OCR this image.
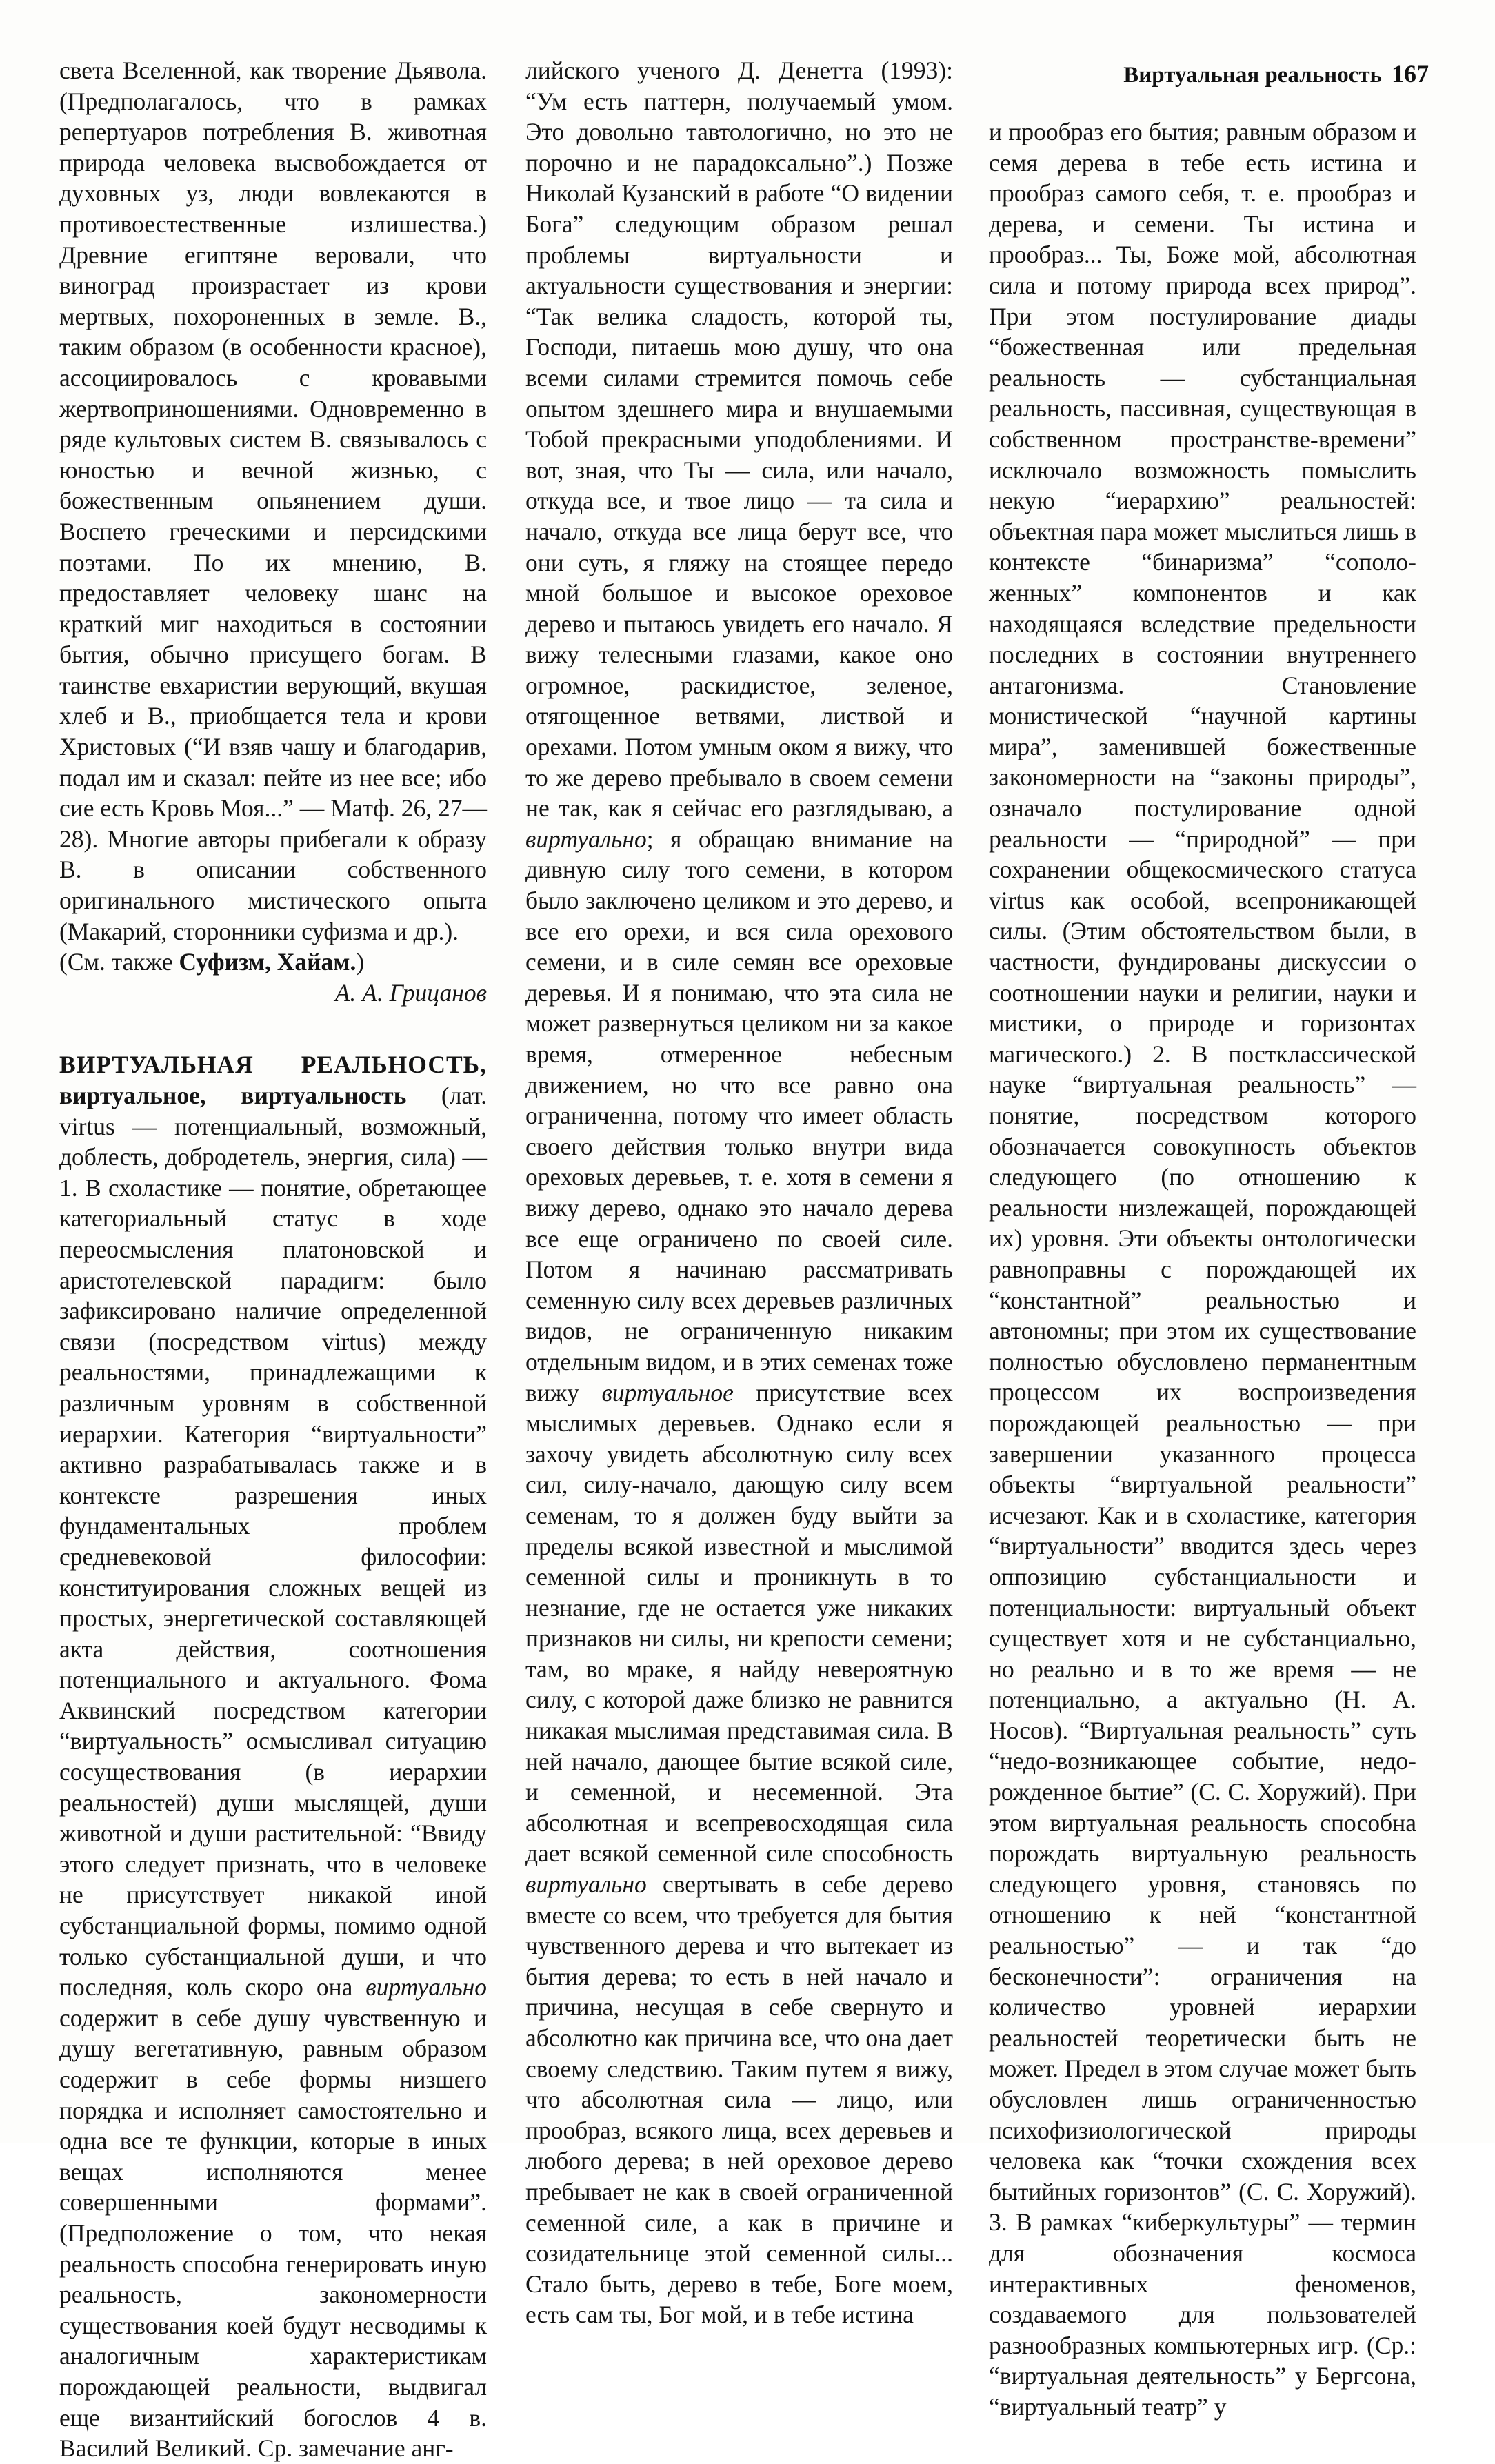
Виртуальная реальность 167

света Вселенной, как творение Дьявола. (Предполагалось, что в рамках репертуаров потребления В. животная природа человека высвобождается от духовных уз, люди вовлекаются в противоестественные излишества.) Древние египтяне веровали, что виноград произрастает из крови мертвых, похороненных в земле. В., таким образом (в особенности красное), ассоциировалось с кровавыми жертвоприношениями. Одновременно в ряде культовых систем В. связывалось с юностью и вечной жизнью, с божественным опьянением души. Воспето греческими и персидскими поэтами. По их мнению, В. предоставляет человеку шанс на краткий миг находиться в состоянии бытия, обычно присущего богам. В таинстве евхаристии верующий, вкушая хлеб и В., приобщается тела и крови Христовых (“И взяв чашу и благодарив, подал им и сказал: пейте из нее все; ибо сие есть Кровь Моя...” — Матф. 26, 27—28). Многие авторы прибегали к образу В. в описании собственного оригинального мистического опыта (Макарий, сторонники суфизма и др.).

(См. также Суфизм, Хайам.)

А. А. Грицанов

ВИРТУАЛЬНАЯ РЕАЛЬНОСТЬ, виртуальное, виртуальность (лат. virtus — потенциальный, возможный, доблесть, добродетель, энергия, сила) — 1. В схоластике — понятие, обретающее категориальный статус в ходе переосмысления платоновской и аристотелевской парадигм: было зафиксировано наличие определенной связи (посредством virtus) между реальностями, принадлежащими к различным уровням в собственной иерархии. Категория “виртуальности” активно разрабатывалась также и в контексте разрешения иных фундаментальных проблем средневековой философии: конституирования сложных вещей из простых, энергетической составляющей акта действия, соотношения потенциального и актуального. Фома Аквинский посредством категории “виртуальность” осмысливал ситуацию сосуществования (в иерархии реальностей) души мыслящей, души животной и души растительной: “Ввиду этого следует признать, что в человеке не присутствует никакой иной субстанциальной формы, помимо одной только субстанциальной души, и что последняя, коль скоро она виртуально содержит в себе душу чувственную и душу вегетативную, равным образом содержит в себе формы низшего порядка и исполняет самостоятельно и одна все те функции, которые в иных вещах исполняются менее совершенными формами”. (Предположение о том, что некая реальность способна генерировать иную реальность, закономерности существования коей будут несводимы к аналогичным характеристикам порождающей реальности, выдвигал еще византийский богослов 4 в. Василий Великий. Ср. замечание анг-

лийского ученого Д. Денетта (1993): “Ум есть паттерн, получаемый умом. Это довольно тавтологично, но это не порочно и не парадоксально”.) Позже Николай Кузанский в работе “О видении Бога” следующим образом решал проблемы виртуальности и актуальности существования и энергии: “Так велика сладость, которой ты, Господи, питаешь мою душу, что она всеми силами стремится помочь себе опытом здешнего мира и внушаемыми Тобой прекрасными уподоблениями. И вот, зная, что Ты — сила, или начало, откуда все, и твое лицо — та сила и начало, откуда все лица берут все, что они суть, я гляжу на стоящее передо мной большое и высокое ореховое дерево и пытаюсь увидеть его начало. Я вижу телесными глазами, какое оно огромное, раскидистое, зеленое, отягощенное ветвями, листвой и орехами. Потом умным оком я вижу, что то же дерево пребывало в своем семени не так, как я сейчас его разглядываю, а виртуально; я обращаю внимание на дивную силу того семени, в котором было заключено целиком и это дерево, и все его орехи, и вся сила орехового семени, и в силе семян все ореховые деревья. И я понимаю, что эта сила не может развернуться целиком ни за какое время, отмеренное небесным движением, но что все равно она ограниченна, потому что имеет область своего действия только внутри вида ореховых деревьев, т. е. хотя в семени я вижу дерево, однако это начало дерева все еще ограничено по своей силе. Потом я начинаю рассматривать семенную силу всех деревьев различных видов, не ограниченную никаким отдельным видом, и в этих семенах тоже вижу виртуальное присутствие всех мыслимых деревьев. Однако если я захочу увидеть абсолютную силу всех сил, силу-начало, дающую силу всем семенам, то я должен буду выйти за пределы всякой известной и мыслимой семенной силы и проникнуть в то незнание, где не остается уже никаких признаков ни силы, ни крепости семени; там, во мраке, я найду невероятную силу, с которой даже близко не равнится никакая мыслимая представимая сила. В ней начало, дающее бытие всякой силе, и семенной, и несеменной. Эта абсолютная и всепревосходящая сила дает всякой семенной силе способность виртуально свертывать в себе дерево вместе со всем, что требуется для бытия чувственного дерева и что вытекает из бытия дерева; то есть в ней начало и причина, несущая в себе свернуто и абсолютно как причина все, что она дает своему следствию. Таким путем я вижу, что абсолютная сила — лицо, или прообраз, всякого лица, всех деревьев и любого дерева; в ней ореховое дерево пребывает не как в своей ограниченной семенной силе, а как в причине и созидательнице этой семенной силы... Стало быть, дерево в тебе, Боге моем, есть сам ты, Бог мой, и в тебе истина

и прообраз его бытия; равным образом и семя дерева в тебе есть истина и прообраз самого себя, т. е. прообраз и дерева, и семени. Ты истина и прообраз... Ты, Боже мой, абсолютная сила и потому природа всех природ”. При этом постулирование диады “божественная или предельная реальность — субстанциальная реальность, пассивная, существующая в собственном пространстве-времени” исключало возможность помыслить некую “иерархию” реальностей: объектная пара может мыслиться лишь в контексте “бинаризма” “сополо-женных” компонентов и как находящаяся вследствие предельности последних в состоянии внутреннего антагонизма. Становление монистической “научной картины мира”, заменившей божественные закономерности на “законы природы”, означало постулирование одной реальности — “природной” — при сохранении общекосмического статуса virtus как особой, всепроникающей силы. (Этим обстоятельством были, в частности, фундированы дискуссии о соотношении науки и религии, науки и мистики, о природе и горизонтах магического.) 2. В постклассической науке “виртуальная реальность” — понятие, посредством которого обозначается совокупность объектов следующего (по отношению к реальности низлежащей, порождающей их) уровня. Эти объекты онтологически равноправны с порождающей их “константной” реальностью и автономны; при этом их существование полностью обусловлено перманентным процессом их воспроизведения порождающей реальностью — при завершении указанного процесса объекты “виртуальной реальности” исчезают. Как и в схоластике, категория “виртуальности” вводится здесь через оппозицию субстанциальности и потенциальности: виртуальный объект существует хотя и не субстанциально, но реально и в то же время — не потенциально, а актуально (Н. А. Носов). “Виртуальная реальность” суть “недо-возникающее событие, недо-рожденное бытие” (С. С. Хоружий). При этом виртуальная реальность способна порождать виртуальную реальность следующего уровня, становясь по отношению к ней “константной реальностью” — и так “до бесконечности”: ограничения на количество уровней иерархии реальностей теоретически быть не может. Предел в этом случае может быть обусловлен лишь ограниченностью психофизиологической природы человека как “точки схождения всех бытийных горизонтов” (С. С. Хоружий). 3. В рамках “киберкультуры” — термин для обозначения космоса интерактивных феноменов, создаваемого для пользователей разнообразных компьютерных игр. (Ср.: “виртуальная деятельность” у Бергсона, “виртуальный театр” у
